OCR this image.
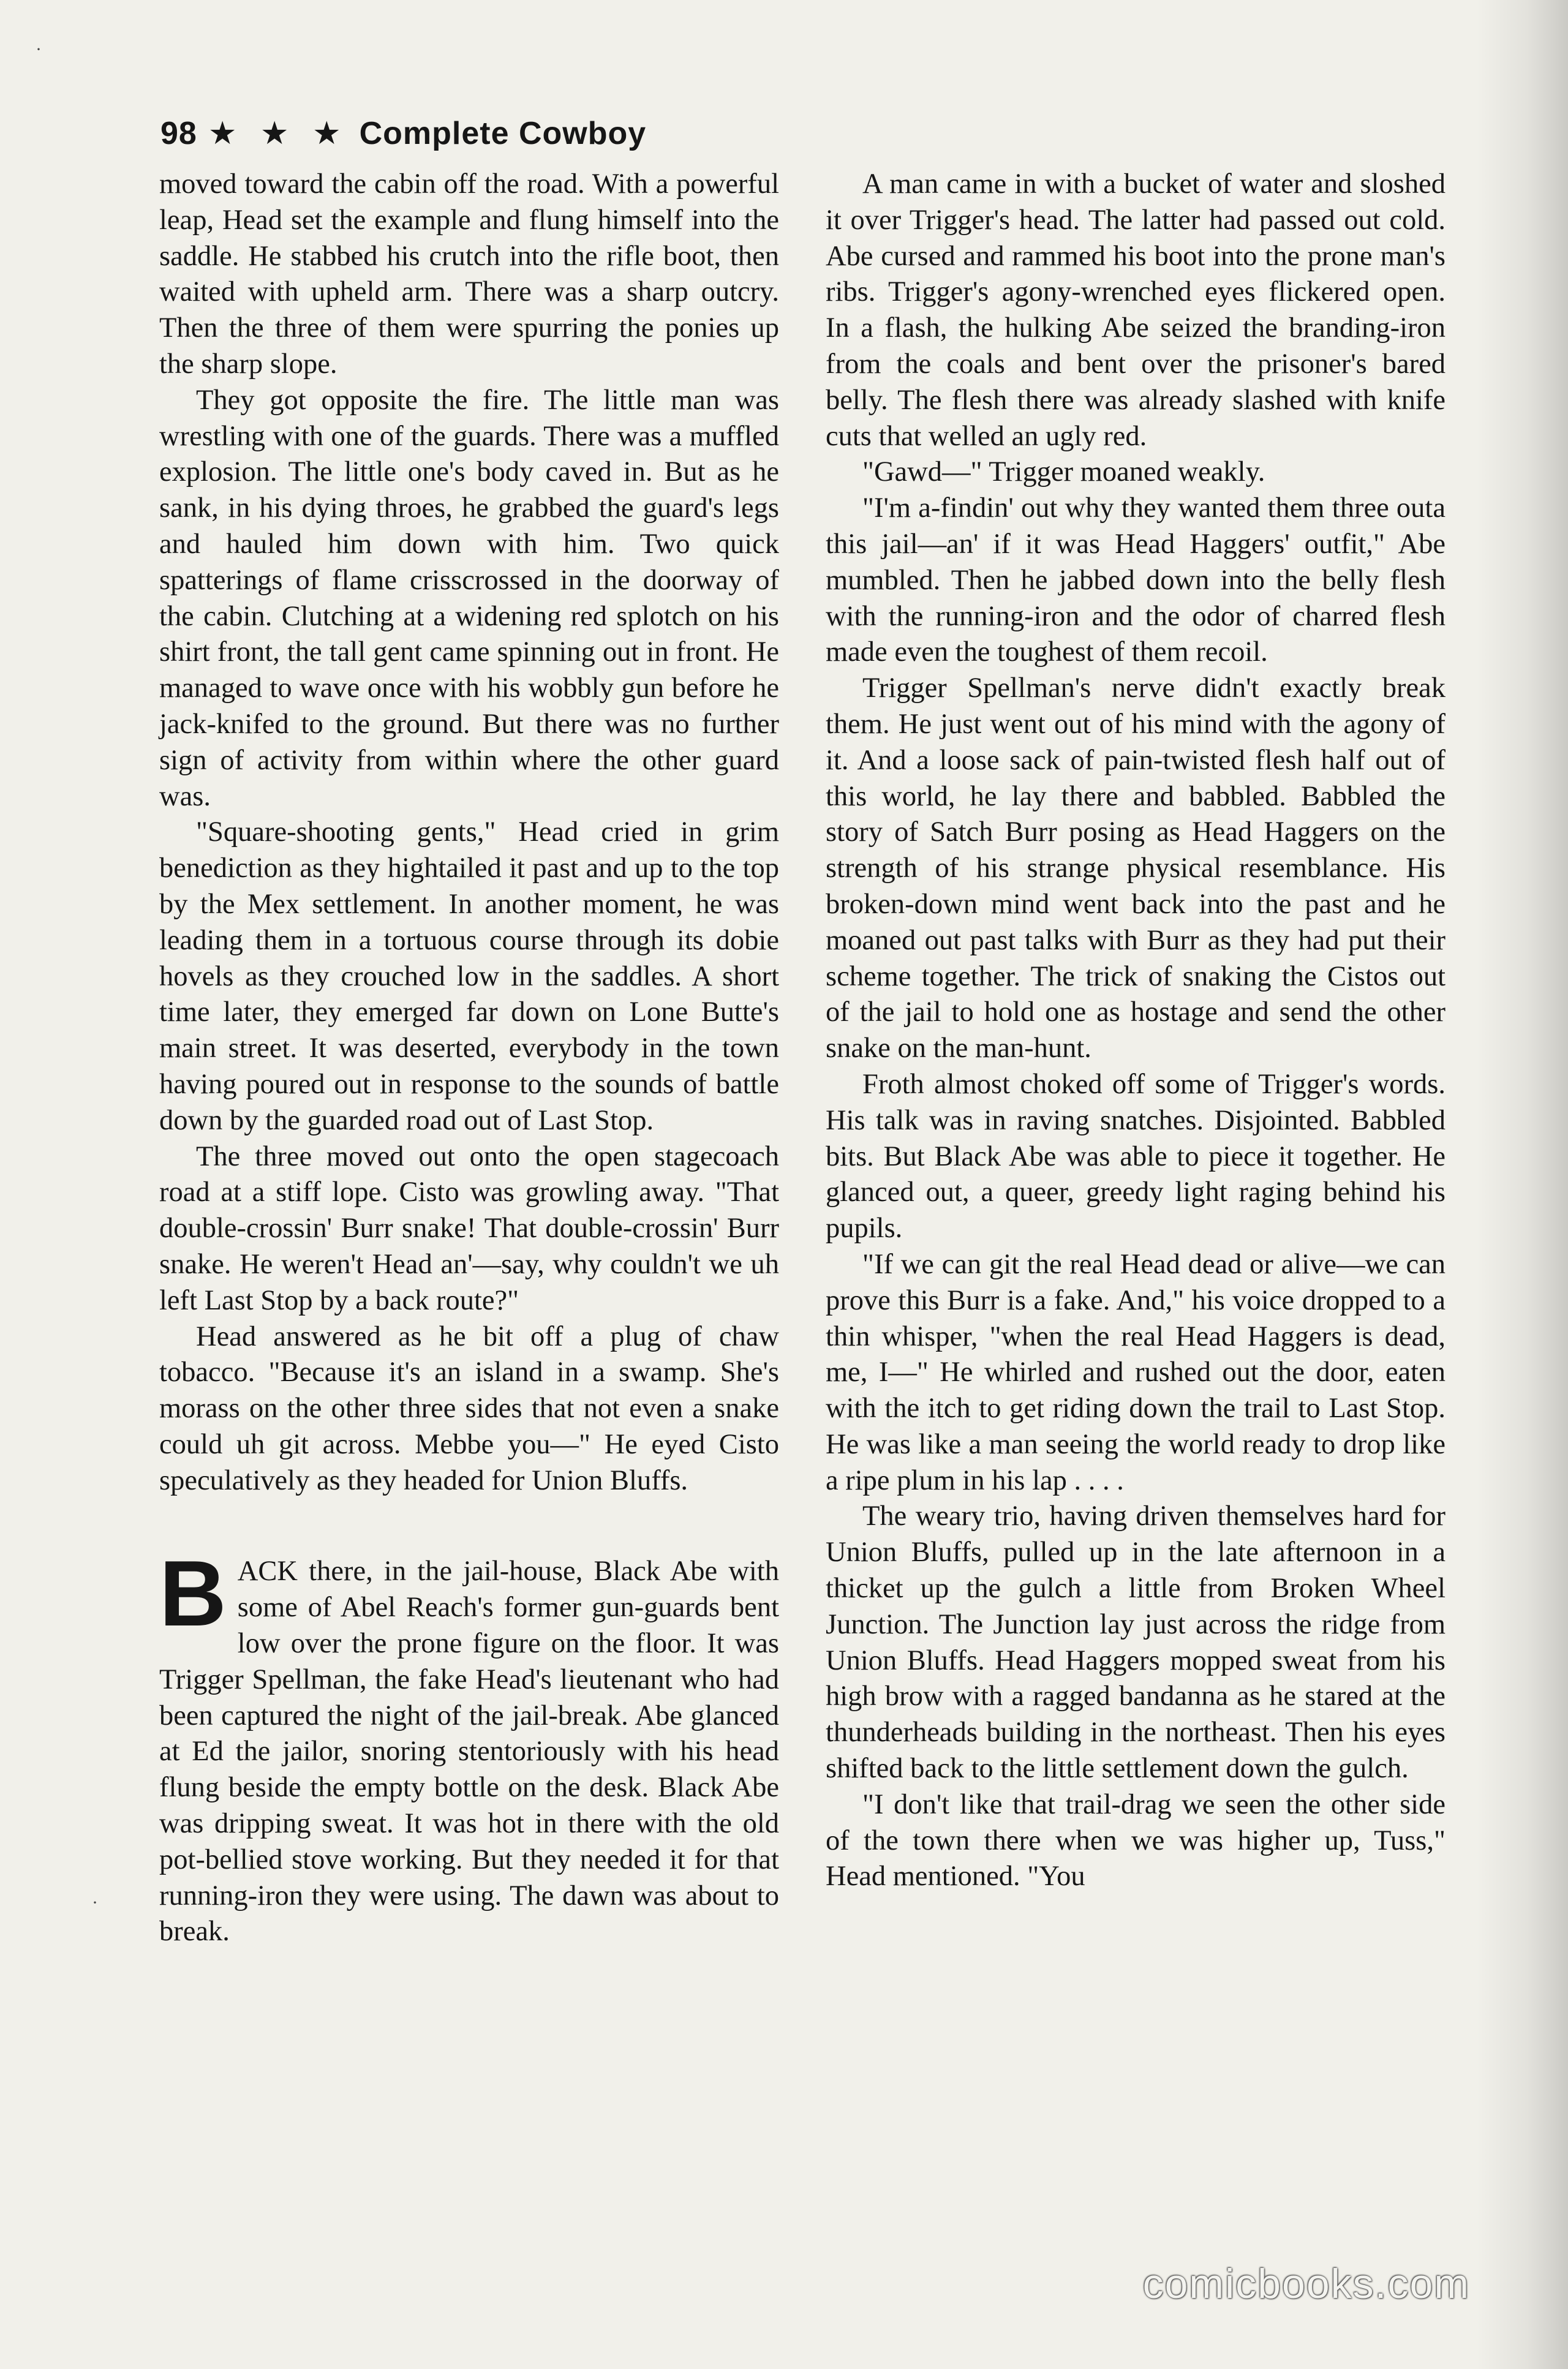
·
·
98 ★ ★ ★ Complete Cowboy

moved toward the cabin off the road. With a powerful leap, Head set the example and flung himself into the saddle. He stabbed his crutch into the rifle boot, then waited with upheld arm. There was a sharp outcry. Then the three of them were spurring the ponies up the sharp slope.

They got opposite the fire. The little man was wrestling with one of the guards. There was a muffled explosion. The little one's body caved in. But as he sank, in his dying throes, he grabbed the guard's legs and hauled him down with him. Two quick spatterings of flame crisscrossed in the doorway of the cabin. Clutching at a widening red splotch on his shirt front, the tall gent came spinning out in front. He managed to wave once with his wobbly gun before he jack-knifed to the ground. But there was no further sign of activity from within where the other guard was.

"Square-shooting gents," Head cried in grim benediction as they hightailed it past and up to the top by the Mex settlement. In another moment, he was leading them in a tortuous course through its dobie hovels as they crouched low in the saddles. A short time later, they emerged far down on Lone Butte's main street. It was deserted, everybody in the town having poured out in response to the sounds of battle down by the guarded road out of Last Stop.

The three moved out onto the open stagecoach road at a stiff lope. Cisto was growling away. "That double-crossin' Burr snake! That double-crossin' Burr snake. He weren't Head an'—say, why couldn't we uh left Last Stop by a back route?"

Head answered as he bit off a plug of chaw tobacco. "Because it's an island in a swamp. She's morass on the other three sides that not even a snake could uh git across. Mebbe you—" He eyed Cisto speculatively as they headed for Union Bluffs.

BACK there, in the jail-house, Black Abe with some of Abel Reach's former gun-guards bent low over the prone figure on the floor. It was Trigger Spellman, the fake Head's lieutenant who had been captured the night of the jail-break. Abe glanced at Ed the jailor, snoring stentoriously with his head flung beside the empty bottle on the desk. Black Abe was dripping sweat. It was hot in there with the old pot-bellied stove working. But they needed it for that running-iron they were using. The dawn was about to break.

A man came in with a bucket of water and sloshed it over Trigger's head. The latter had passed out cold. Abe cursed and rammed his boot into the prone man's ribs. Trigger's agony-wrenched eyes flickered open. In a flash, the hulking Abe seized the branding-iron from the coals and bent over the prisoner's bared belly. The flesh there was already slashed with knife cuts that welled an ugly red.

"Gawd—" Trigger moaned weakly.

"I'm a-findin' out why they wanted them three outa this jail—an' if it was Head Haggers' outfit," Abe mumbled. Then he jabbed down into the belly flesh with the running-iron and the odor of charred flesh made even the toughest of them recoil.

Trigger Spellman's nerve didn't exactly break them. He just went out of his mind with the agony of it. And a loose sack of pain-twisted flesh half out of this world, he lay there and babbled. Babbled the story of Satch Burr posing as Head Haggers on the strength of his strange physical resemblance. His broken-down mind went back into the past and he moaned out past talks with Burr as they had put their scheme together. The trick of snaking the Cistos out of the jail to hold one as hostage and send the other snake on the man-hunt.

Froth almost choked off some of Trigger's words. His talk was in raving snatches. Disjointed. Babbled bits. But Black Abe was able to piece it together. He glanced out, a queer, greedy light raging behind his pupils.

"If we can git the real Head dead or alive—we can prove this Burr is a fake. And," his voice dropped to a thin whisper, "when the real Head Haggers is dead, me, I—" He whirled and rushed out the door, eaten with the itch to get riding down the trail to Last Stop. He was like a man seeing the world ready to drop like a ripe plum in his lap . . . .

The weary trio, having driven themselves hard for Union Bluffs, pulled up in the late afternoon in a thicket up the gulch a little from Broken Wheel Junction. The Junction lay just across the ridge from Union Bluffs. Head Haggers mopped sweat from his high brow with a ragged bandanna as he stared at the thunderheads building in the northeast. Then his eyes shifted back to the little settlement down the gulch.

"I don't like that trail-drag we seen the other side of the town there when we was higher up, Tuss," Head mentioned. "You

comicbooks.com
